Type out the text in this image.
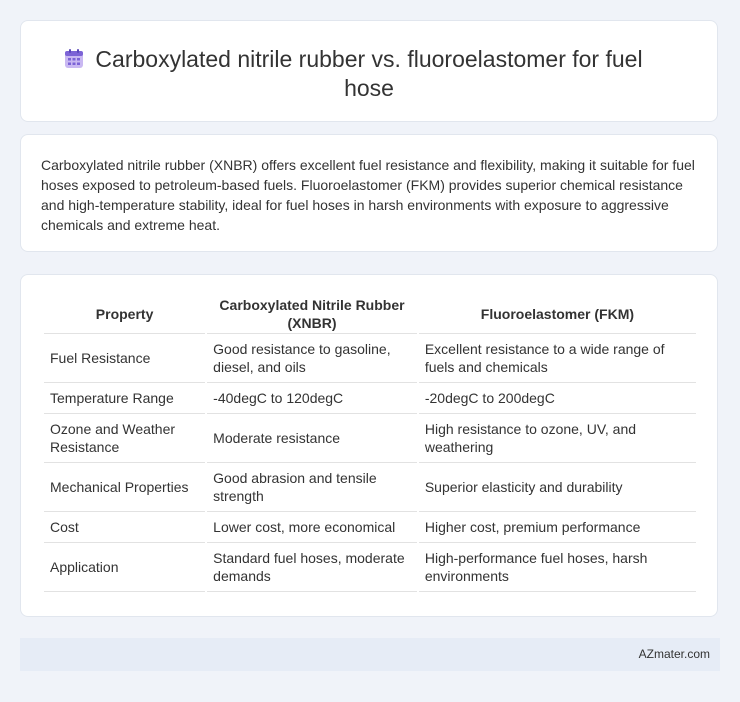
Carboxylated nitrile rubber vs. fluoroelastomer for fuel hose
Carboxylated nitrile rubber (XNBR) offers excellent fuel resistance and flexibility, making it suitable for fuel hoses exposed to petroleum-based fuels. Fluoroelastomer (FKM) provides superior chemical resistance and high-temperature stability, ideal for fuel hoses in harsh environments with exposure to aggressive chemicals and extreme heat.
Property	Carboxylated Nitrile Rubber (XNBR)	Fluoroelastomer (FKM)
Fuel Resistance	Good resistance to gasoline, diesel, and oils	Excellent resistance to a wide range of fuels and chemicals
Temperature Range	-40degC to 120degC	-20degC to 200degC
Ozone and Weather Resistance	Moderate resistance	High resistance to ozone, UV, and weathering
Mechanical Properties	Good abrasion and tensile strength	Superior elasticity and durability
Cost	Lower cost, more economical	Higher cost, premium performance
Application	Standard fuel hoses, moderate demands	High-performance fuel hoses, harsh environments
AZmater.com
